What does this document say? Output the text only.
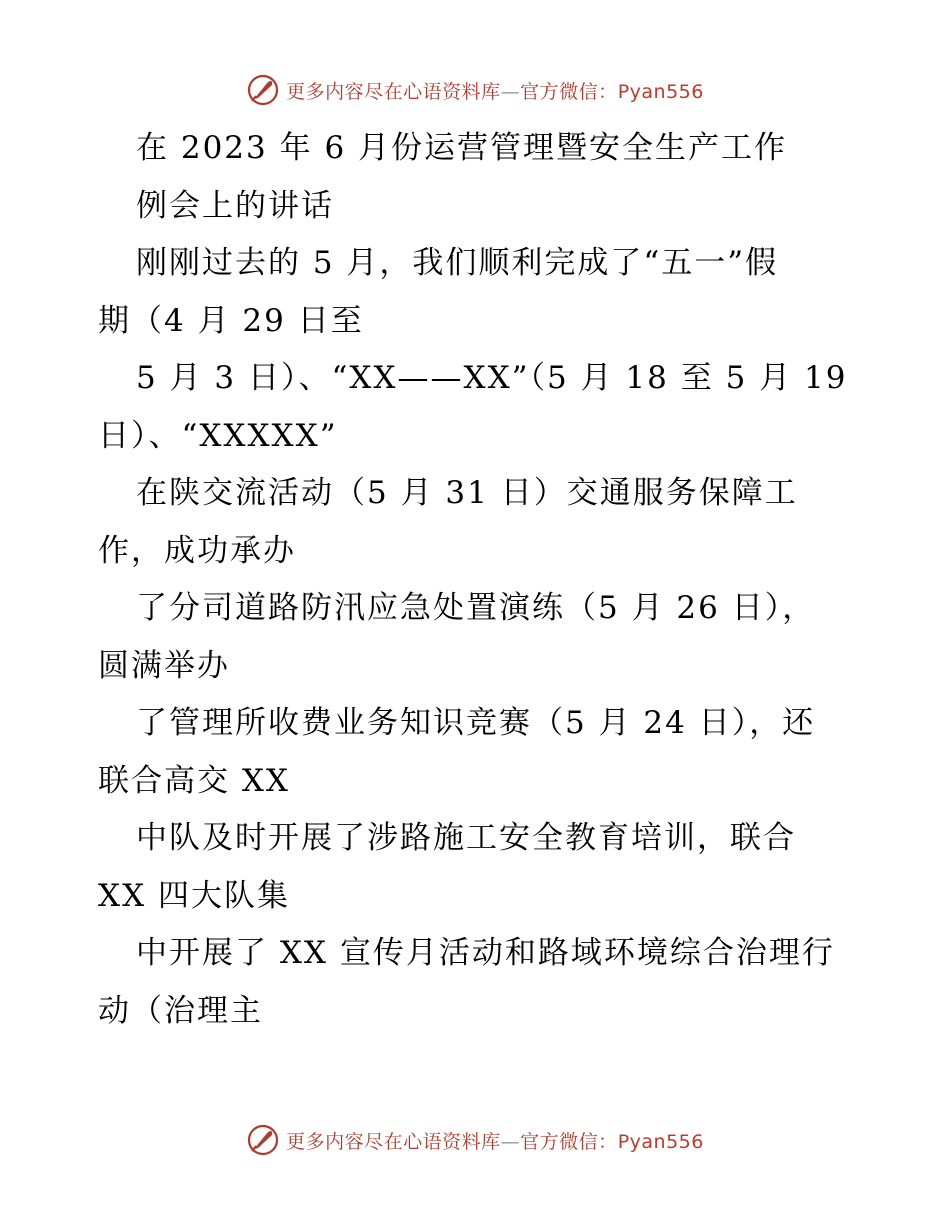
更多内容尽在心语资料库—官方微信：Pyan556
在 2023 年 6 月份运营管理暨安全生产工作
例会上的讲话
刚刚过去的 5 月，我们顺利完成了“五一”假
期（4 月 29 日至
5 月 3 日）、“XX——XX”（5 月 18 至 5 月 19
日）、“XXXXX”
在陕交流活动（5 月 31 日）交通服务保障工
作，成功承办
了分司道路防汛应急处置演练（5 月 26 日），
圆满举办
了管理所收费业务知识竞赛（5 月 24 日），还
联合高交 XX
中队及时开展了涉路施工安全教育培训，联合
XX 四大队集
中开展了 XX 宣传月活动和路域环境综合治理行
动（治理主
更多内容尽在心语资料库—官方微信：Pyan556
